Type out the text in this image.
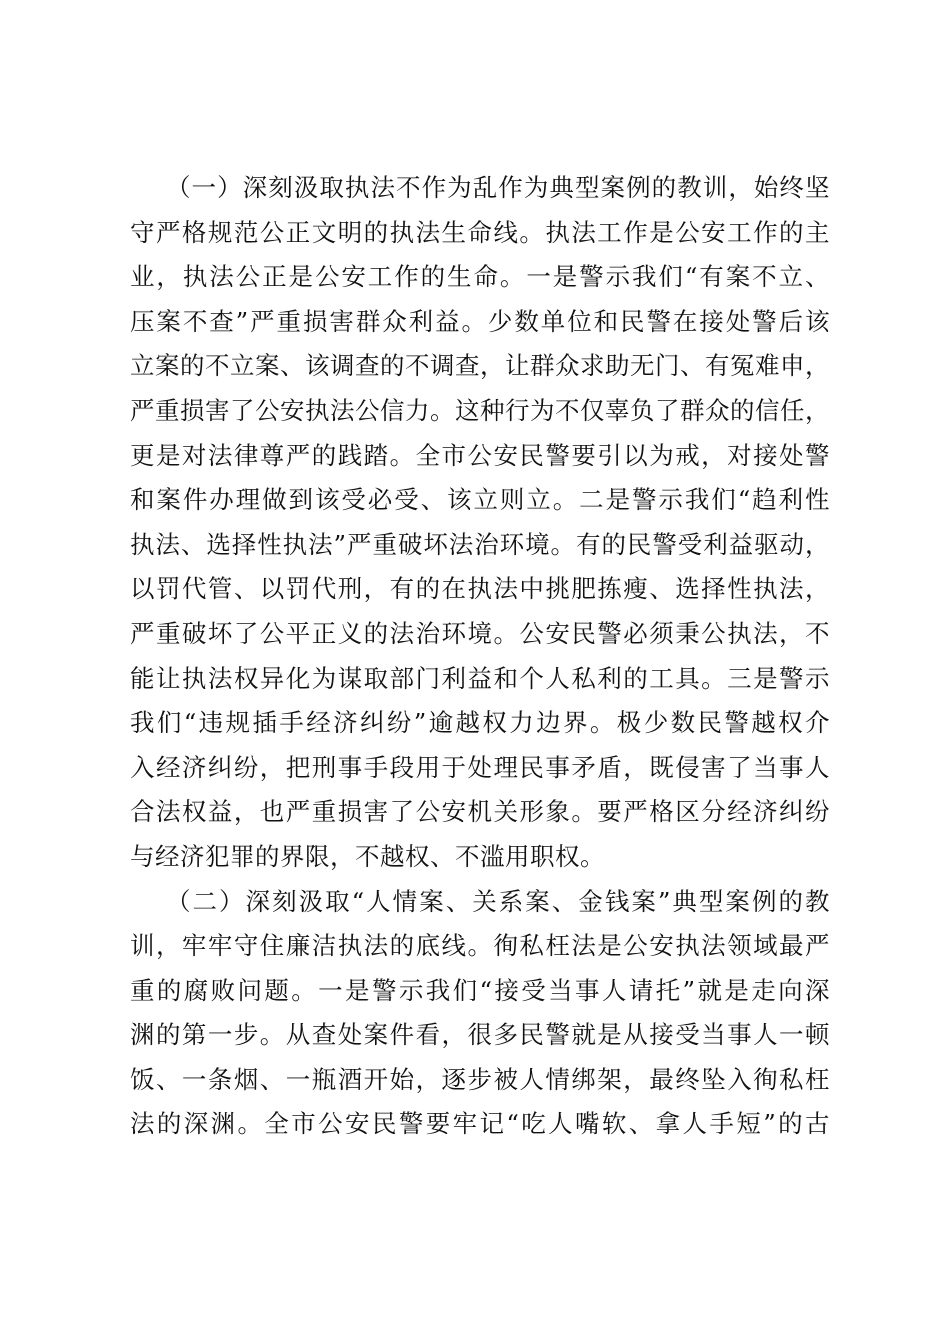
（一）深刻汲取执法不作为乱作为典型案例的教训，始终坚
守严格规范公正文明的执法生命线。执法工作是公安工作的主
业，执法公正是公安工作的生命。一是警示我们“有案不立、
压案不查”严重损害群众利益。少数单位和民警在接处警后该
立案的不立案、该调查的不调查，让群众求助无门、有冤难申，
严重损害了公安执法公信力。这种行为不仅辜负了群众的信任，
更是对法律尊严的践踏。全市公安民警要引以为戒，对接处警
和案件办理做到该受必受、该立则立。二是警示我们“趋利性
执法、选择性执法”严重破坏法治环境。有的民警受利益驱动，
以罚代管、以罚代刑，有的在执法中挑肥拣瘦、选择性执法，
严重破坏了公平正义的法治环境。公安民警必须秉公执法，不
能让执法权异化为谋取部门利益和个人私利的工具。三是警示
我们“违规插手经济纠纷”逾越权力边界。极少数民警越权介
入经济纠纷，把刑事手段用于处理民事矛盾，既侵害了当事人
合法权益，也严重损害了公安机关形象。要严格区分经济纠纷
与经济犯罪的界限，不越权、不滥用职权。
（二）深刻汲取“人情案、关系案、金钱案”典型案例的教
训，牢牢守住廉洁执法的底线。徇私枉法是公安执法领域最严
重的腐败问题。一是警示我们“接受当事人请托”就是走向深
渊的第一步。从查处案件看，很多民警就是从接受当事人一顿
饭、一条烟、一瓶酒开始，逐步被人情绑架，最终坠入徇私枉
法的深渊。全市公安民警要牢记“吃人嘴软、拿人手短”的古
